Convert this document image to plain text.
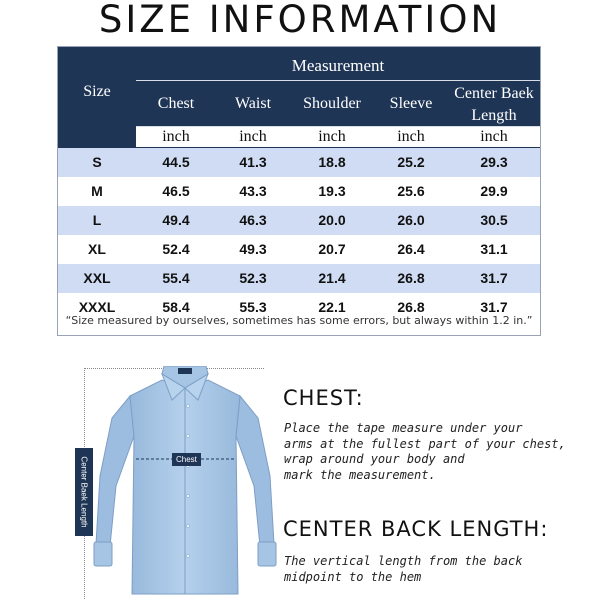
SIZE INFORMATION
Measurement
Size
Chest	Waist	Shoulder	Sleeve
Center Baek
Length
inch	inch	inch	inch	inch
S	44.5	41.3	18.8	25.2	29.3
M	46.5	43.3	19.3	25.6	29.9
L	49.4	46.3	20.0	26.0	30.5
XL	52.4	49.3	20.7	26.4	31.1
XXL	55.4	52.3	21.4	26.8	31.7
XXXL	58.4	55.3	22.1	26.8	31.7
“Size measured by ourselves, sometimes has some errors, but always within 1.2 in.”
Center Baek Length	Chest
CHEST:
Place the tape measure under your
arms at the fullest part of your chest,
wrap around your body and
mark the measurement.
CENTER BACK LENGTH:
The vertical length from the back
midpoint to the hem
